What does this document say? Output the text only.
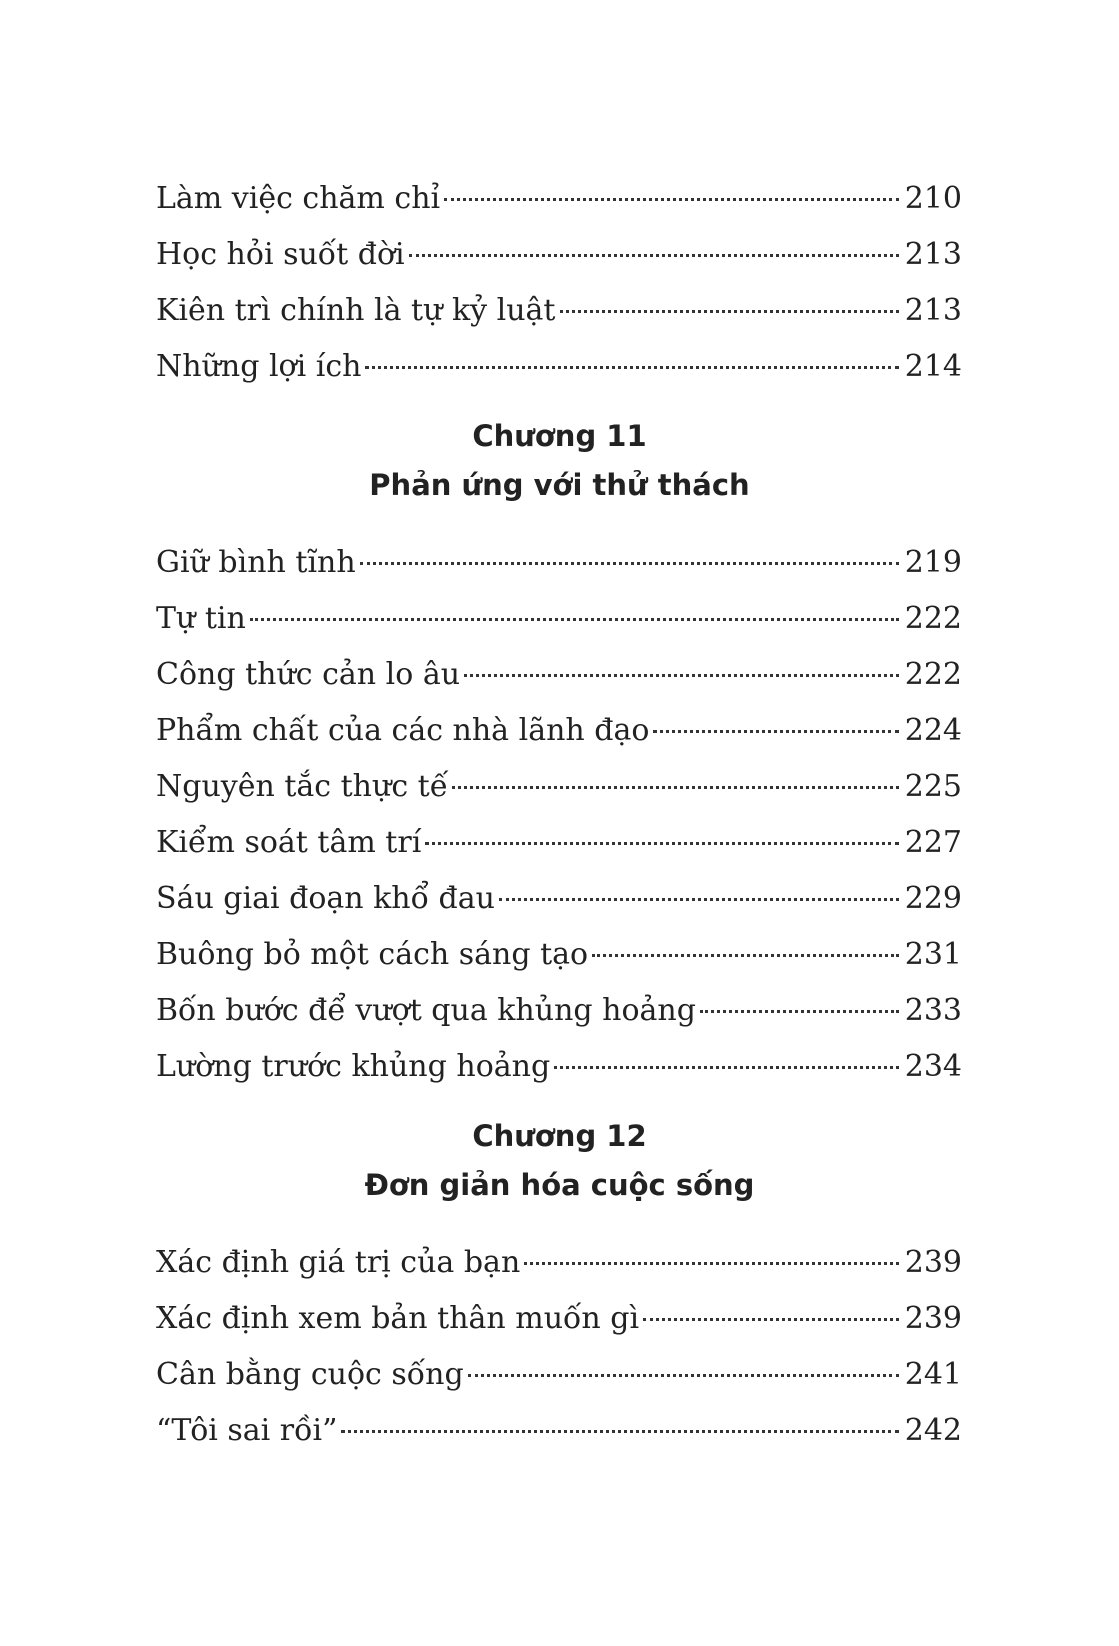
Làm việc chăm chỉ	210
Học hỏi suốt đời	213
Kiên trì chính là tự kỷ luật	213
Những lợi ích	214
Chương 11
Phản ứng với thử thách
Giữ bình tĩnh	219
Tự tin	222
Công thức cản lo âu	222
Phẩm chất của các nhà lãnh đạo	224
Nguyên tắc thực tế	225
Kiểm soát tâm trí	227
Sáu giai đoạn khổ đau	229
Buông bỏ một cách sáng tạo	231
Bốn bước để vượt qua khủng hoảng	233
Lường trước khủng hoảng	234
Chương 12
Đơn giản hóa cuộc sống
Xác định giá trị của bạn	239
Xác định xem bản thân muốn gì	239
Cân bằng cuộc sống	241
“Tôi sai rồi”	242
